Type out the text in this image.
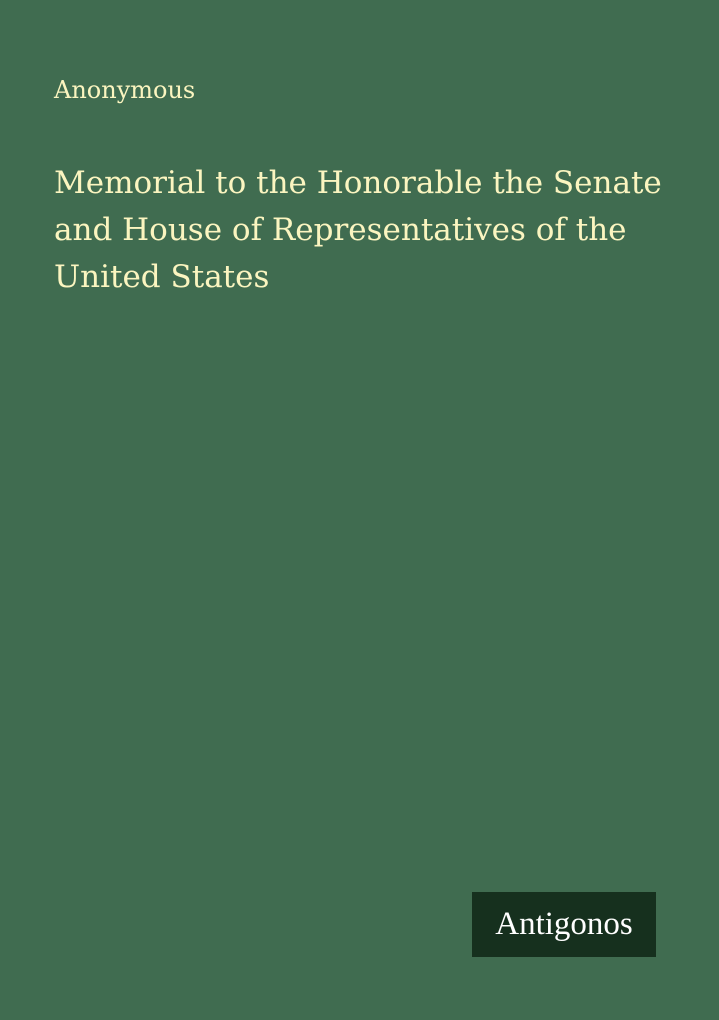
Anonymous

Memorial to the Honorable the Senate and House of Representatives of the United States
Antigonos
